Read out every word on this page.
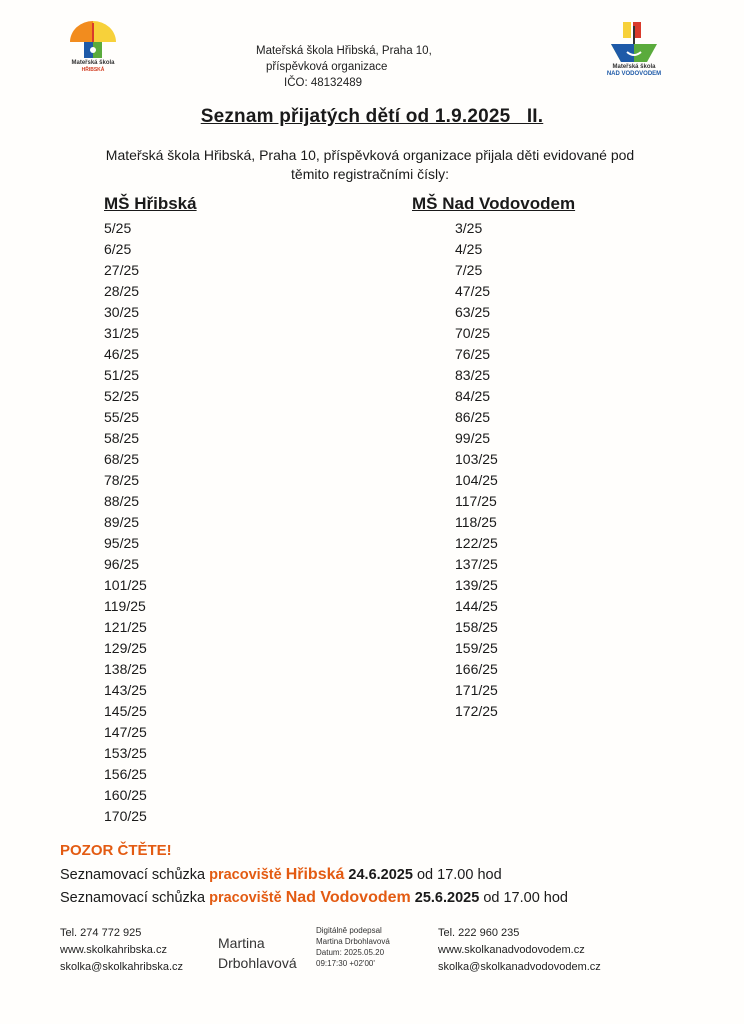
Mateřská škola
HŘIBSKÁ	Mateřská škola
NAD VODOVODEM
Mateřská škola Hřibská, Praha 10,
příspěvková organizace
IČO: 48132489
Seznam přijatých dětí od 1.9.2025   II.
Mateřská škola Hřibská, Praha 10, příspěvková organizace přijala děti evidované pod
těmito registračními čísly:
MŠ Hřibská
5/25
6/25
27/25
28/25
30/25
31/25
46/25
51/25
52/25
55/25
58/25
68/25
78/25
88/25
89/25
95/25
96/25
101/25
119/25
121/25
129/25
138/25
143/25
145/25
147/25
153/25
156/25
160/25
170/25
MŠ Nad Vodovodem
3/25
4/25
7/25
47/25
63/25
70/25
76/25
83/25
84/25
86/25
99/25
103/25
104/25
117/25
118/25
122/25
137/25
139/25
144/25
158/25
159/25
166/25
171/25
172/25
POZOR ČTĚTE!
Seznamovací schůzka pracoviště Hřibská 24.6.2025 od 17.00 hod
Seznamovací schůzka pracoviště Nad Vodovodem 25.6.2025 od 17.00 hod
Tel. 274 772 925
www.skolkahribska.cz
skolka@skolkahribska.cz
Martina
Drbohlavová
Digitálně podepsal
Martina Drbohlavová
Datum: 2025.05.20
09:17:30 +02'00'
Tel. 222 960 235
www.skolkanadvodovodem.cz
skolka@skolkanadvodovodem.cz
